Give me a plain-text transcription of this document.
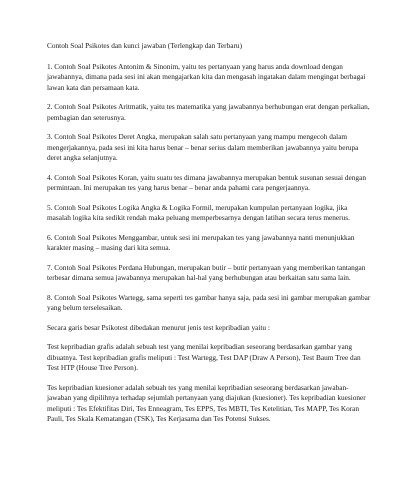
Contoh Soal Psikotes dan kunci jawaban (Terlengkap dan Terbaru)

1. Contoh Soal Psikotes Antonim & Sinonim, yaitu tes pertanyaan yang harus anda download dengan jawabannya, dimana pada sesi ini akan mengajarkan kita dan mengasah ingatakan dalam mengingat berbagai lawan kata dan persamaan kata.

2. Contoh Soal Psikotes Aritmatik, yaitu tes matematika yang jawabannya berhubungan erat dengan perkalian, pembagian dan seterusnya.

3. Contoh Soal Psikotes Deret Angka, merupakan salah satu pertanyaan yang mampu mengecoh dalam mengerjakannya, pada sesi ini kita harus benar – benar serius dalam memberikan jawabannya yaitu berupa deret angka selanjutnya.

4. Contoh Soal Psikotes Koran, yaitu suatu tes dimana jawabannya merupakan bentuk susunan sesuai dengan permintaan. Ini merupakan tes yang harus benar – benar anda pahami cara pengerjaannya.

5. Contoh Soal Psikotes Logika Angka & Logika Formil, merupakan kumpulan pertanyaan logika, jika masalah logika kita sedikit rendah maka peluang memperbesarnya dengan latihan secara terus menerus.

6. Contoh Soal Psikotes Menggambar, untuk sesi ini merupakan tes yang jawabannya nanti menunjukkan karakter masing – masing dari kita semua.

7. Contoh Soal Psikotes Perdana Hubungan, merupakan butir – butir pertanyaan yang memberikan tantangan terbesar dimana semua jawabannya merupakan hal-hal yang berhubungan atau berkaitan satu sama lain.

8. Contoh Soal Psikotes Wartegg, sama seperti tes gambar hanya saja, pada sesi ini gambar merupakan gambar yang belum terselesaikan.

Secara garis besar Psikotest dibedakan menurut jenis test kepribadian yaitu :

Test kepribadian grafis adalah sebuah test yang menilai kepribadian seseorang berdasarkan gambar yang dibuatnya. Test kepribadian grafis meliputi : Test Wartegg, Test DAP (Draw A Person), Test Baum Tree dan Test HTP (House Tree Person).

Tes kepribadian kuesioner adalah sebuah tes yang menilai kepribadian seseorang berdasarkan jawaban-jawaban yang dipilihnya terhadap sejumlah pertanyaan yang diajukan (kuesioner). Tes kepribadian kuesioner meliputi : Tes Efektifitas Diri, Tes Enneagram, Tes EPPS, Tes MBTI, Tes Ketelitian, Tes MAPP, Tes Koran Pauli, Tes Skala Kematangan (TSK), Tes Kerjasama dan Tes Potensi Sukses.
